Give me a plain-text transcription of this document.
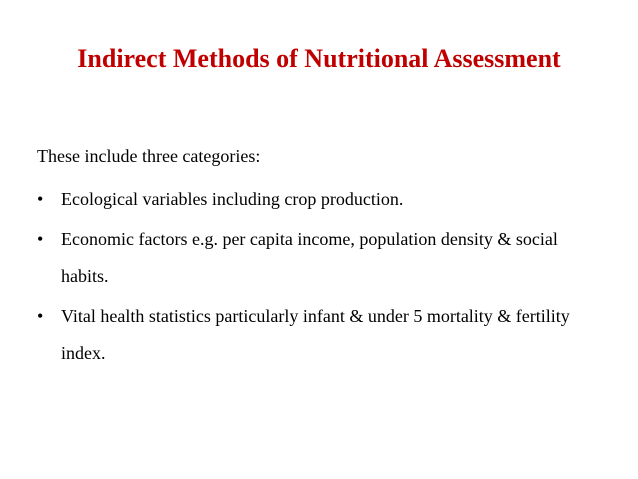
Indirect Methods of Nutritional Assessment
These include three categories:
• Ecological variables including crop production.
• Economic factors e.g. per capita income, population density & social habits.
• Vital health statistics particularly infant & under 5 mortality & fertility index.
